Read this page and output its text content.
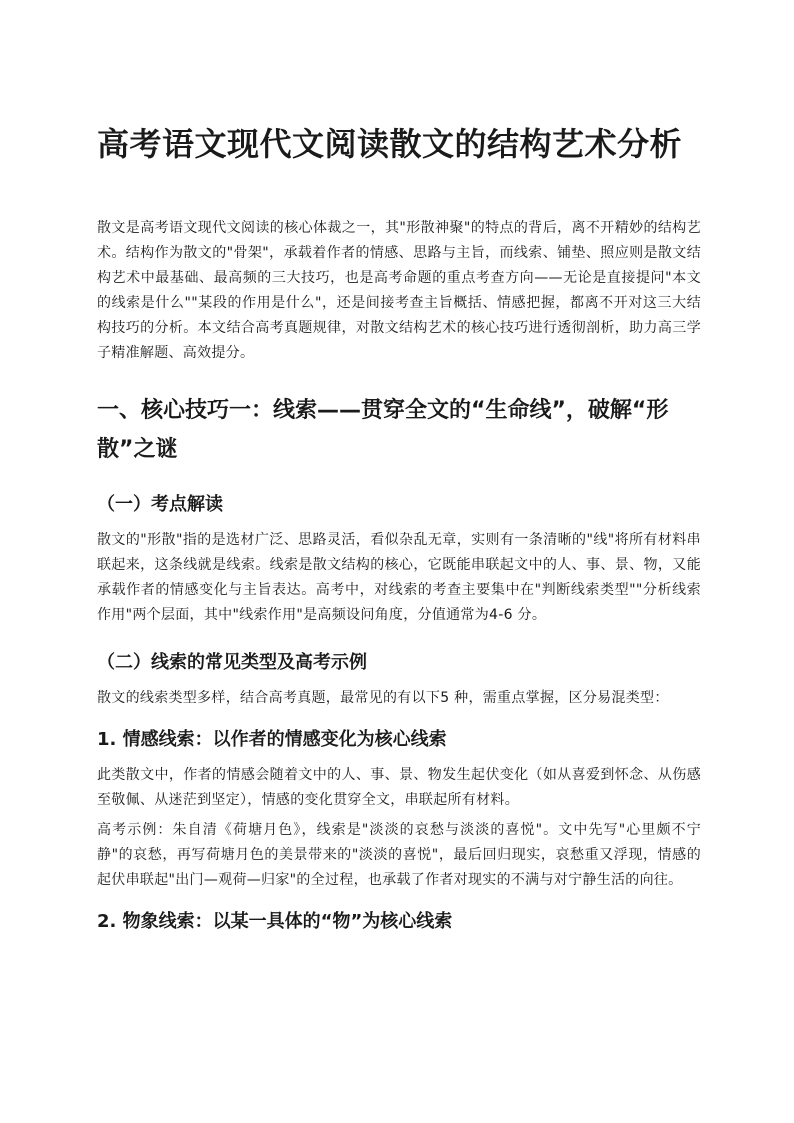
高考语文现代文阅读散文的结构艺术分析

散文是高考语文现代文阅读的核心体裁之一，其"形散神聚"的特点的背后，离不开精妙的结构艺术。结构作为散文的"骨架"，承载着作者的情感、思路与主旨，而线索、铺垫、照应则是散文结构艺术中最基础、最高频的三大技巧，也是高考命题的重点考查方向——无论是直接提问"本文的线索是什么""某段的作用是什么"，还是间接考查主旨概括、情感把握，都离不开对这三大结构技巧的分析。本文结合高考真题规律，对散文结构艺术的核心技巧进行透彻剖析，助力高三学子精准解题、高效提分。

一、核心技巧一：线索——贯穿全文的“生命线”，破解“形散”之谜
（一）考点解读

散文的"形散"指的是选材广泛、思路灵活，看似杂乱无章，实则有一条清晰的"线"将所有材料串联起来，这条线就是线索。线索是散文结构的核心，它既能串联起文中的人、事、景、物，又能承载作者的情感变化与主旨表达。高考中，对线索的考查主要集中在"判断线索类型""分析线索作用"两个层面，其中"线索作用"是高频设问角度，分值通常为4-6 分。

（二）线索的常见类型及高考示例

散文的线索类型多样，结合高考真题，最常见的有以下5 种，需重点掌握，区分易混类型：

1. 情感线索：以作者的情感变化为核心线索

此类散文中，作者的情感会随着文中的人、事、景、物发生起伏变化（如从喜爱到怀念、从伤感至敬佩、从迷茫到坚定），情感的变化贯穿全文，串联起所有材料。

高考示例：朱自清《荷塘月色》，线索是"淡淡的哀愁与淡淡的喜悦"。文中先写"心里颇不宁静"的哀愁，再写荷塘月色的美景带来的"淡淡的喜悦"，最后回归现实，哀愁重又浮现，情感的起伏串联起"出门—观荷—归家"的全过程，也承载了作者对现实的不满与对宁静生活的向往。

2. 物象线索：以某一具体的“物”为核心线索
